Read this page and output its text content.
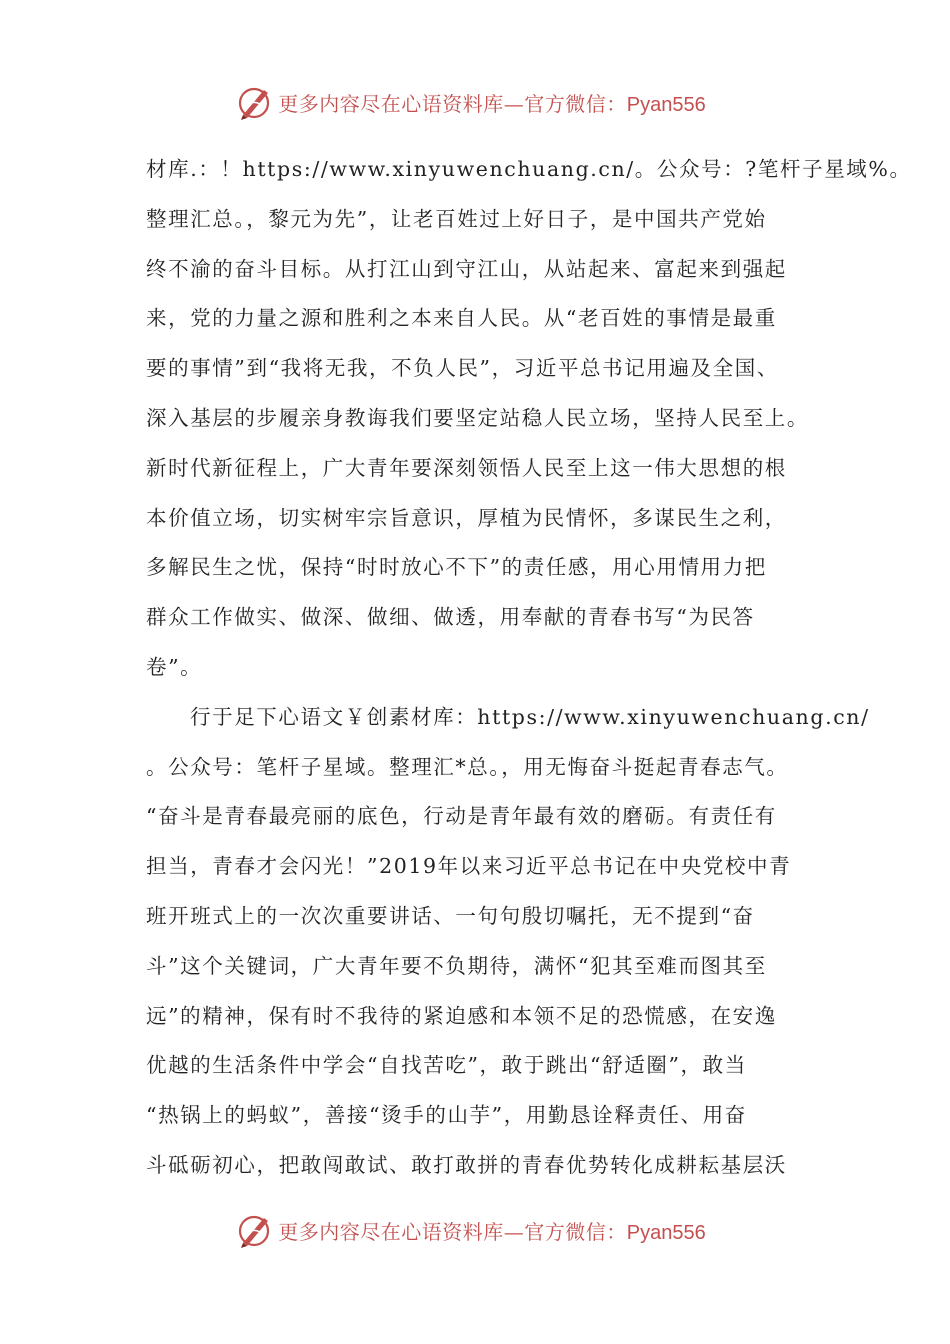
更多内容尽在心语资料库—官方微信：Pyan556
材库.：！https://www.xinyuwenchuang.cn/。公众号：?笔杆子星域%。
整理汇总。，黎元为先”，让老百姓过上好日子，是中国共产党始
终不渝的奋斗目标。从打江山到守江山，从站起来、富起来到强起
来，党的力量之源和胜利之本来自人民。从“老百姓的事情是最重
要的事情”到“我将无我，不负人民”，习近平总书记用遍及全国、
深入基层的步履亲身教诲我们要坚定站稳人民立场，坚持人民至上。
新时代新征程上，广大青年要深刻领悟人民至上这一伟大思想的根
本价值立场，切实树牢宗旨意识，厚植为民情怀，多谋民生之利，
多解民生之忧，保持“时时放心不下”的责任感，用心用情用力把
群众工作做实、做深、做细、做透，用奉献的青春书写“为民答
卷”。
行于足下心语文￥创素材库：https://www.xinyuwenchuang.cn/
。公众号：笔杆子星域。整理汇*总。，用无悔奋斗挺起青春志气。
“奋斗是青春最亮丽的底色，行动是青年最有效的磨砺。有责任有
担当，青春才会闪光！”2019年以来习近平总书记在中央党校中青
班开班式上的一次次重要讲话、一句句殷切嘱托，无不提到“奋
斗”这个关键词，广大青年要不负期待，满怀“犯其至难而图其至
远”的精神，保有时不我待的紧迫感和本领不足的恐慌感，在安逸
优越的生活条件中学会“自找苦吃”，敢于跳出“舒适圈”，敢当
“热锅上的蚂蚁”，善接“烫手的山芋”，用勤恳诠释责任、用奋
斗砥砺初心，把敢闯敢试、敢打敢拼的青春优势转化成耕耘基层沃
更多内容尽在心语资料库—官方微信：Pyan556
